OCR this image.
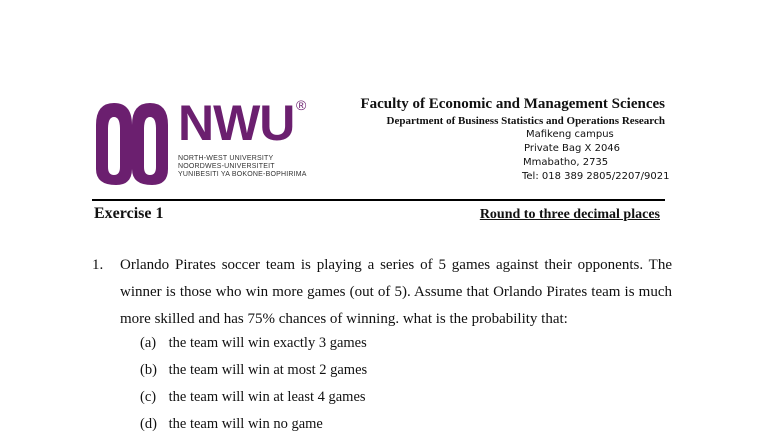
NWU ®
NORTH-WEST UNIVERSITY
NOORDWES-UNIVERSITEIT
YUNIBESITI YA BOKONE-BOPHIRIMA
Faculty of Economic and Management Sciences
Department of Business Statistics and Operations Research
Mafikeng campus
Private Bag X 2046
Mmabatho, 2735
Tel: 018 389 2805/2207/9021
Exercise 1	Round to three decimal places
1. Orlando Pirates soccer team is playing a series of 5 games against their opponents. The winner is those who win more games (out of 5). Assume that Orlando Pirates team is much more skilled and has 75% chances of winning. what is the probability that:
(a) the team will win exactly 3 games
(b) the team will win at most 2 games
(c) the team will win at least 4 games
(d) the team will win no game
